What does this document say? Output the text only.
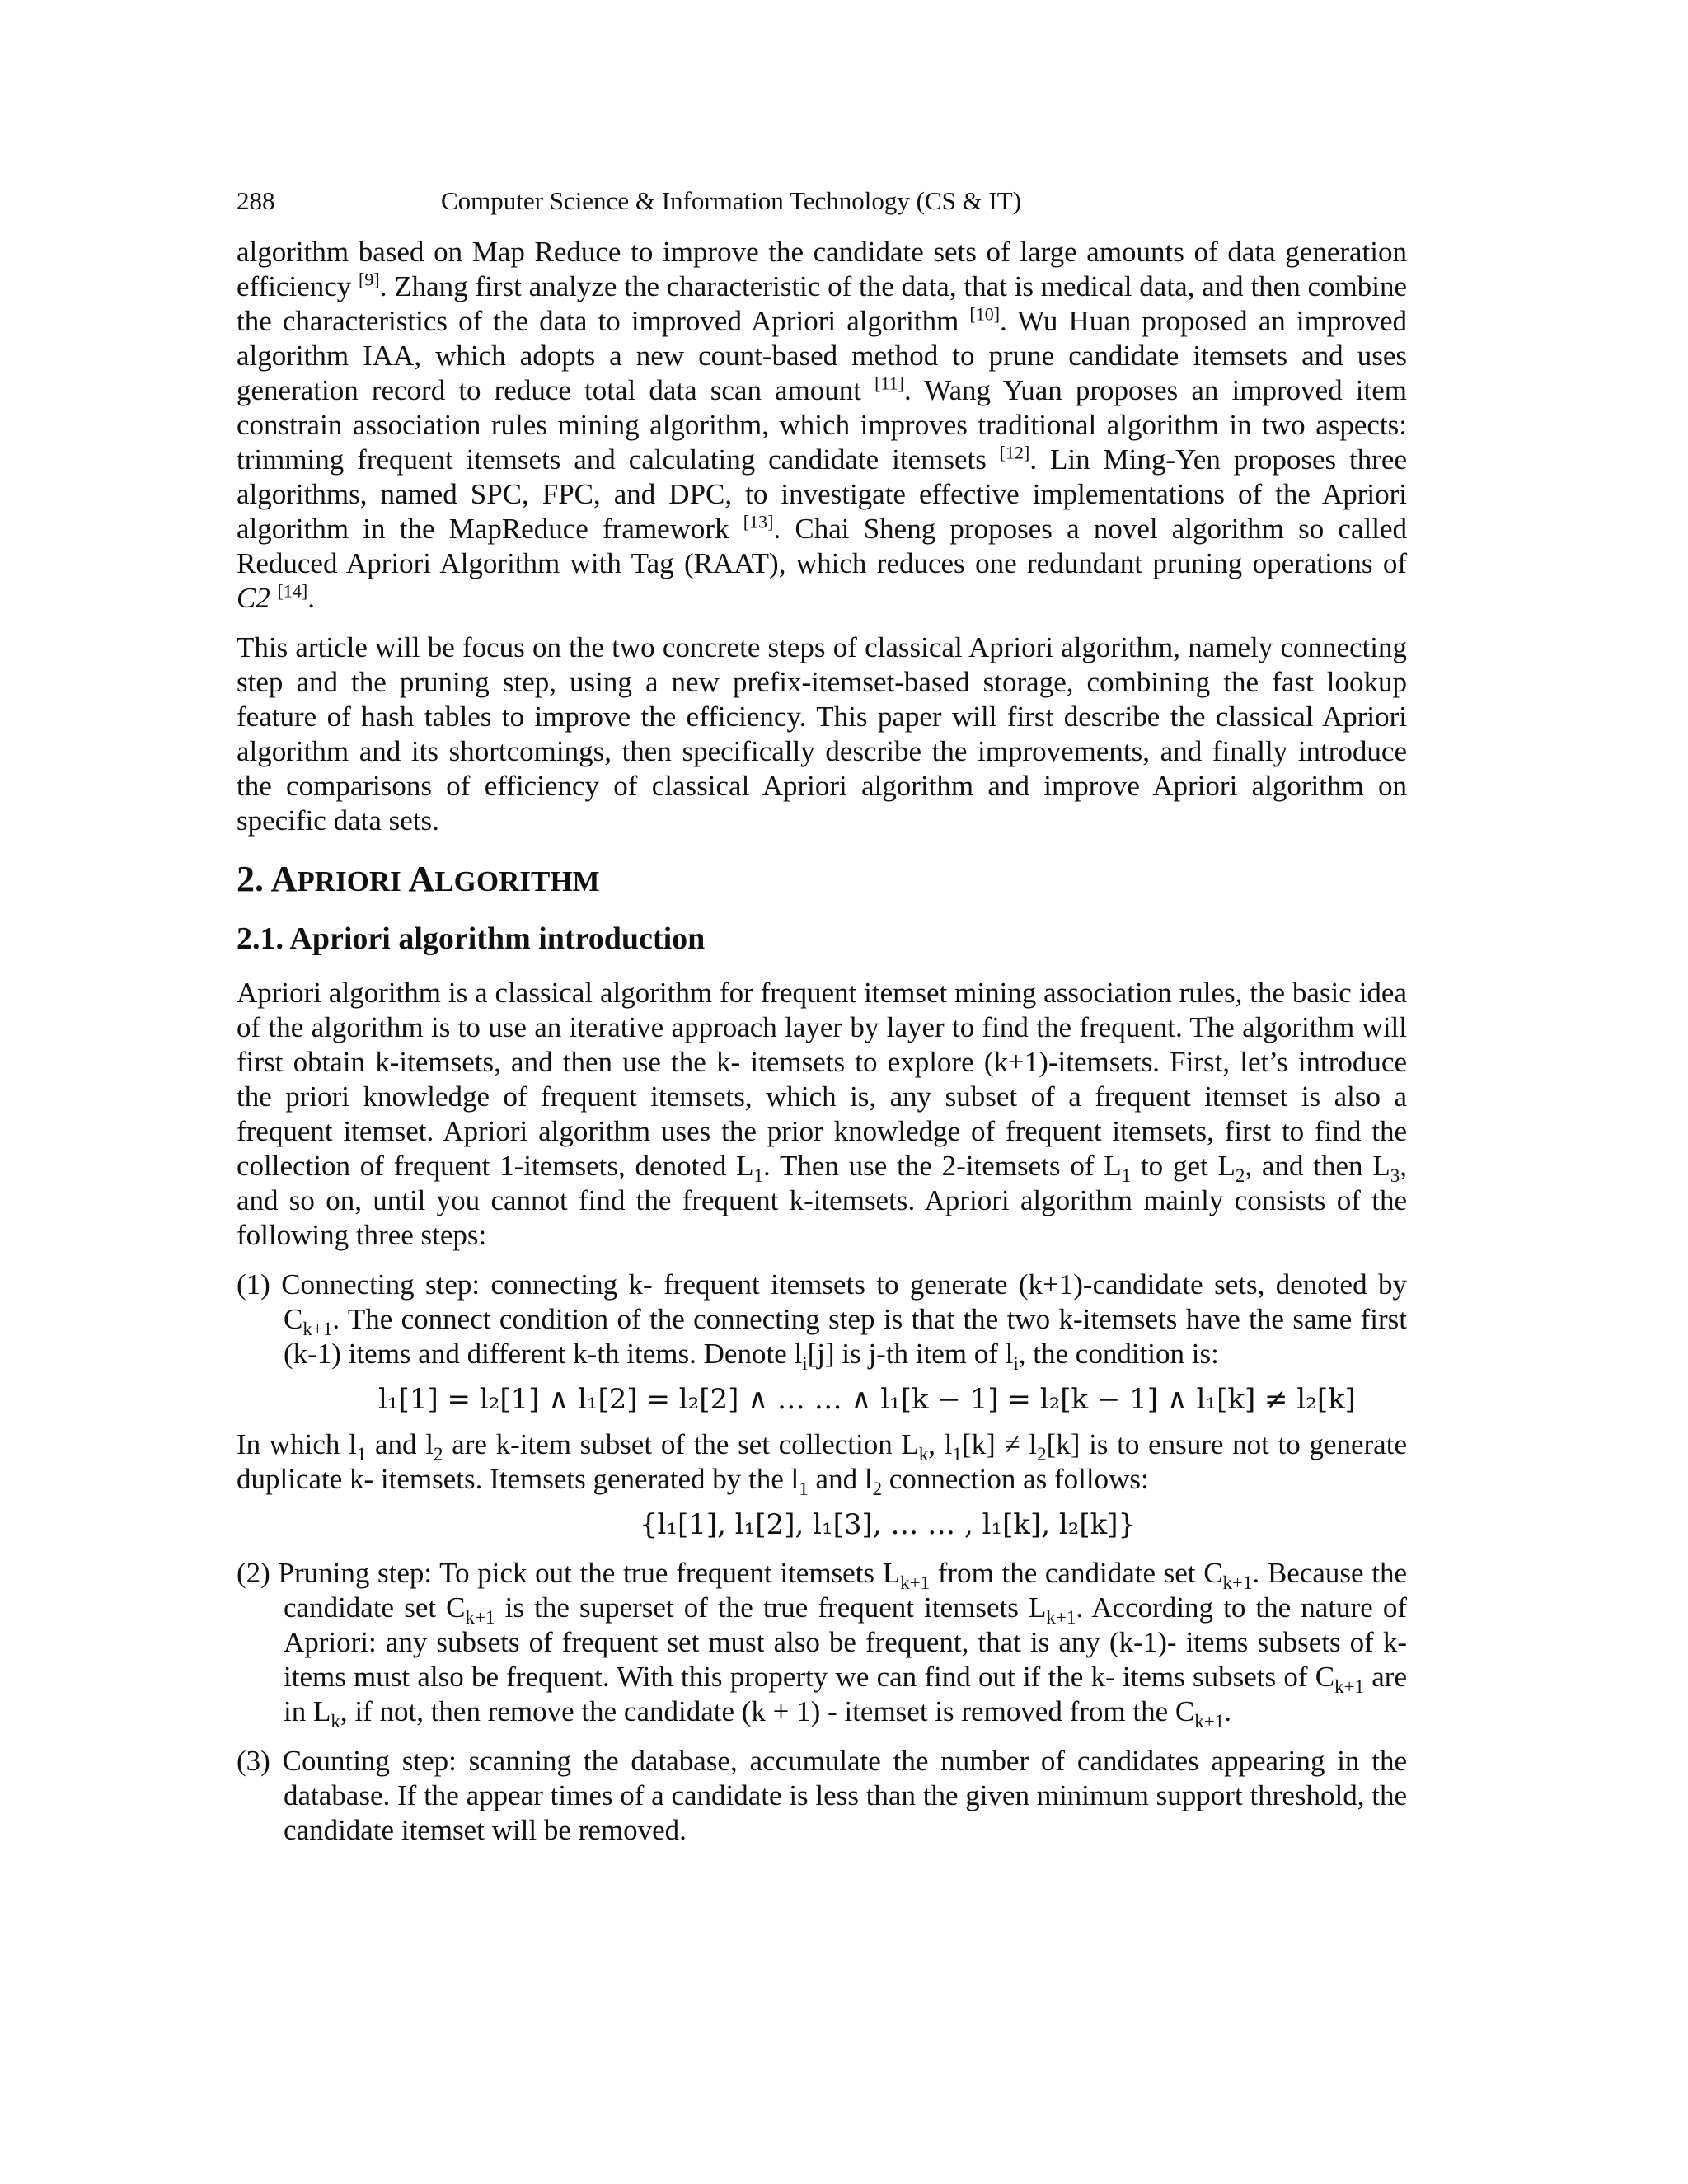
288	Computer Science & Information Technology (CS & IT)

algorithm based on Map Reduce to improve the candidate sets of large amounts of data generation efficiency [9]. Zhang first analyze the characteristic of the data, that is medical data, and then combine the characteristics of the data to improved Apriori algorithm [10]. Wu Huan proposed an improved algorithm IAA, which adopts a new count-based method to prune candidate itemsets and uses generation record to reduce total data scan amount [11]. Wang Yuan proposes an improved item constrain association rules mining algorithm, which improves traditional algorithm in two aspects: trimming frequent itemsets and calculating candidate itemsets [12]. Lin Ming-Yen proposes three algorithms, named SPC, FPC, and DPC, to investigate effective implementations of the Apriori algorithm in the MapReduce framework [13]. Chai Sheng proposes a novel algorithm so called Reduced Apriori Algorithm with Tag (RAAT), which reduces one redundant pruning operations of C2 [14].

This article will be focus on the two concrete steps of classical Apriori algorithm, namely connecting step and the pruning step, using a new prefix-itemset-based storage, combining the fast lookup feature of hash tables to improve the efficiency. This paper will first describe the classical Apriori algorithm and its shortcomings, then specifically describe the improvements, and finally introduce the comparisons of efficiency of classical Apriori algorithm and improve Apriori algorithm on specific data sets.

2. APRIORI ALGORITHM
2.1. Apriori algorithm introduction

Apriori algorithm is a classical algorithm for frequent itemset mining association rules, the basic idea of the algorithm is to use an iterative approach layer by layer to find the frequent. The algorithm will first obtain k-itemsets, and then use the k- itemsets to explore (k+1)-itemsets. First, let’s introduce the priori knowledge of frequent itemsets, which is, any subset of a frequent itemset is also a frequent itemset. Apriori algorithm uses the prior knowledge of frequent itemsets, first to find the collection of frequent 1-itemsets, denoted $L_1$. Then use the 2-itemsets of $L_1$ to get $L_2$, and then $L_3$, and so on, until you cannot find the frequent k-itemsets. Apriori algorithm mainly consists of the following three steps:

(1) Connecting step: connecting k- frequent itemsets to generate (k+1)-candidate sets, denoted by $C_{k+1}$. The connect condition of the connecting step is that the two k-itemsets have the same first (k-1) items and different k-th items. Denote $l_i[j]$ is j-th item of $l_i$, the condition is:

l₁[1] = l₂[1] ∧ l₁[2] = l₂[2] ∧ … … ∧ l₁[k − 1] = l₂[k − 1] ∧ l₁[k] ≠ l₂[k]

In which $l_1$ and $l_2$ are k-item subset of the set collection $L_k$, $l_1[k] \ne l_2[k]$ is to ensure not to generate duplicate k- itemsets. Itemsets generated by the $l_1$ and $l_2$ connection as follows:

{l₁[1], l₁[2], l₁[3], … … , l₁[k], l₂[k]}

(2) Pruning step: To pick out the true frequent itemsets $L_{k+1}$ from the candidate set $C_{k+1}$. Because the candidate set $C_{k+1}$ is the superset of the true frequent itemsets $L_{k+1}$. According to the nature of Apriori: any subsets of frequent set must also be frequent, that is any (k-1)- items subsets of k-items must also be frequent. With this property we can find out if the k- items subsets of $C_{k+1}$ are in $L_k$, if not, then remove the candidate (k + 1) - itemset is removed from the $C_{k+1}$.

(3) Counting step: scanning the database, accumulate the number of candidates appearing in the database. If the appear times of a candidate is less than the given minimum support threshold, the candidate itemset will be removed.
